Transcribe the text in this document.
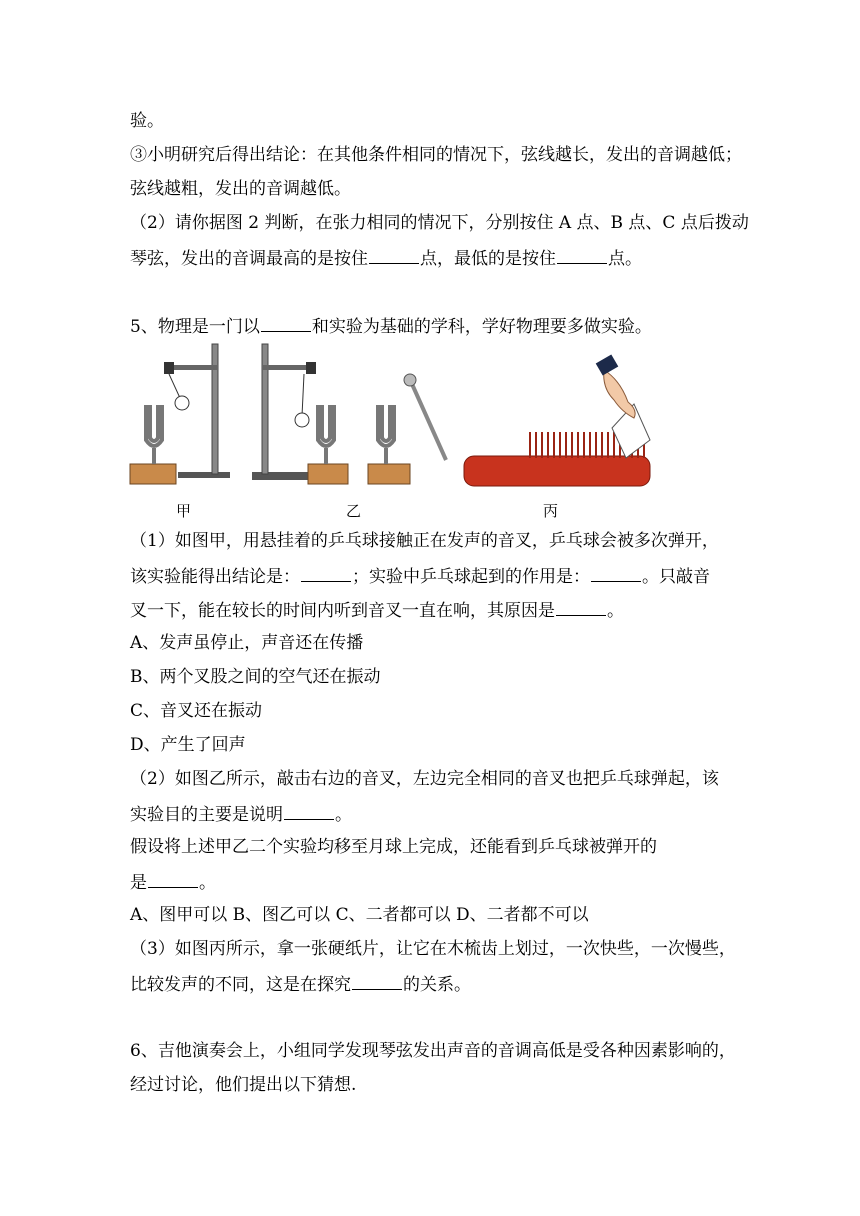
验。
③小明研究后得出结论：在其他条件相同的情况下，弦线越长，发出的音调越低；
弦线越粗，发出的音调越低。
（2）请你据图 2 判断，在张力相同的情况下，分别按住 A 点、B 点、C 点后拨动
琴弦，发出的音调最高的是按住	点，最低的是按住	点。
5、物理是一门以	和实验为基础的学科，学好物理要多做实验。
甲	乙	丙
（1）如图甲，用悬挂着的乒乓球接触正在发声的音叉，乒乓球会被多次弹开，
该实验能得出结论是：	；实验中乒乓球起到的作用是：	。只敲音
叉一下，能在较长的时间内听到音叉一直在响，其原因是	。
A、发声虽停止，声音还在传播
B、两个叉股之间的空气还在振动
C、音叉还在振动
D、产生了回声
（2）如图乙所示，敲击右边的音叉，左边完全相同的音叉也把乒乓球弹起，该
实验目的主要是说明	。
假设将上述甲乙二个实验均移至月球上完成，还能看到乒乓球被弹开的
是	。
A、图甲可以 B、图乙可以 C、二者都可以 D、二者都不可以
（3）如图丙所示，拿一张硬纸片，让它在木梳齿上划过，一次快些，一次慢些，
比较发声的不同，这是在探究	的关系。
6、吉他演奏会上，小组同学发现琴弦发出声音的音调高低是受各种因素影响的，
经过讨论，他们提出以下猜想.
